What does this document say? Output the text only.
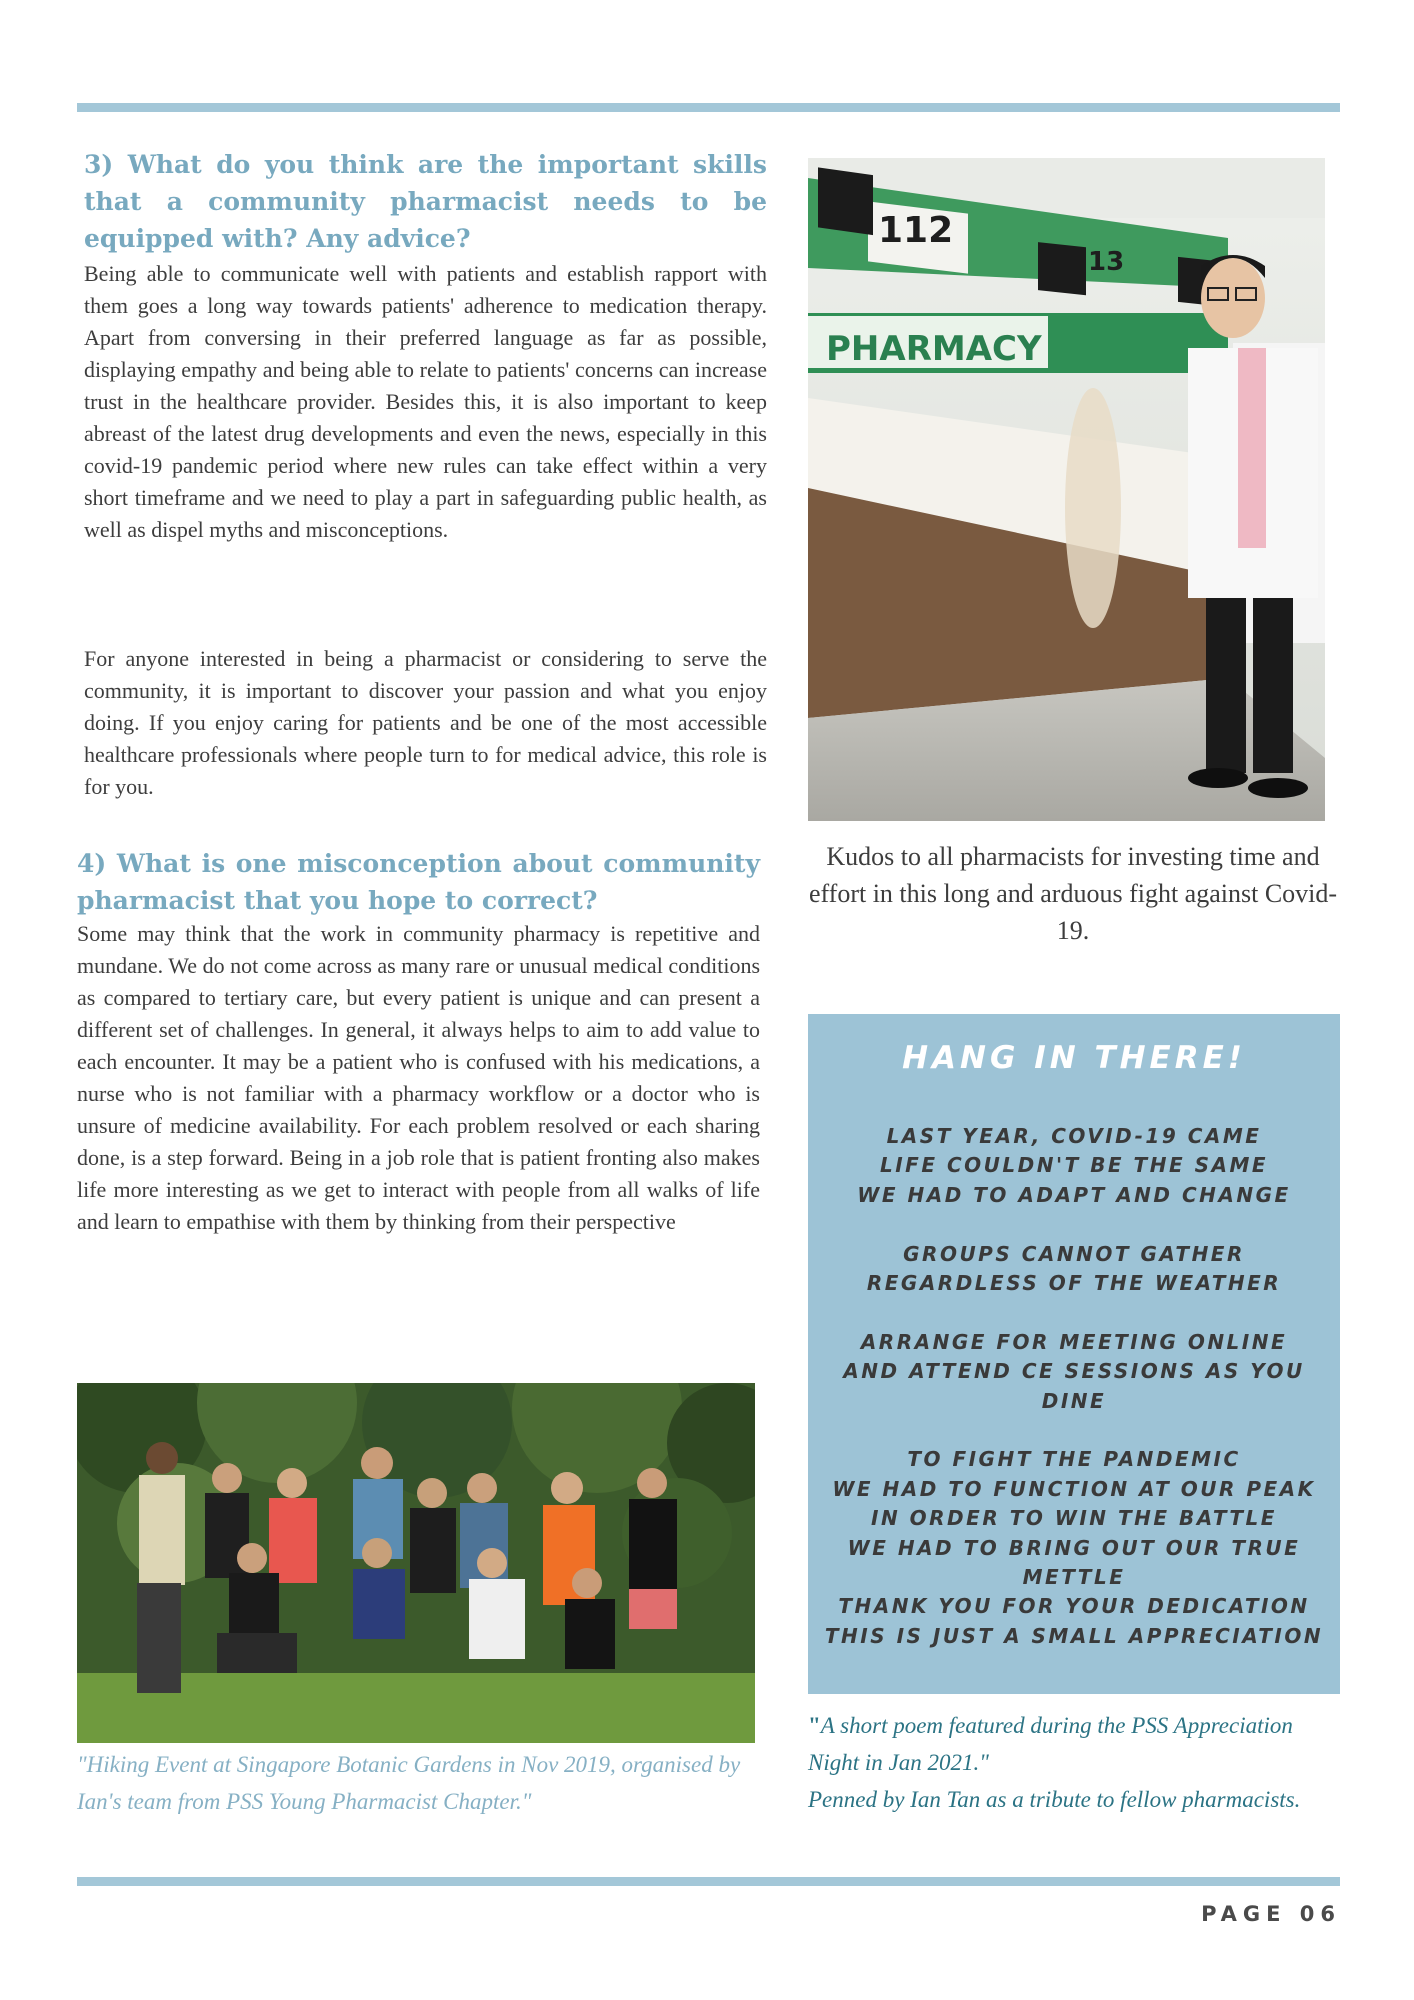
3) What do you think are the important skills that a community pharmacist needs to be equipped with? Any advice?

Being able to communicate well with patients and establish rapport with them goes a long way towards patients' adherence to medication therapy. Apart from conversing in their preferred language as far as possible, displaying empathy and being able to relate to patients' concerns can increase trust in the healthcare provider. Besides this, it is also important to keep abreast of the latest drug developments and even the news, especially in this covid-19 pandemic period where new rules can take effect within a very short timeframe and we need to play a part in safeguarding public health, as well as dispel myths and misconceptions.

For anyone interested in being a pharmacist or considering to serve the community, it is important to discover your passion and what you enjoy doing. If you enjoy caring for patients and be one of the most accessible healthcare professionals where people turn to for medical advice, this role is for you.

4) What is one misconception about community pharmacist that you hope to correct?

Some may think that the work in community pharmacy is repetitive and mundane. We do not come across as many rare or unusual medical conditions as compared to tertiary care, but every patient is unique and can present a different set of challenges. In general, it always helps to aim to add value to each encounter. It may be a patient who is confused with his medications, a nurse who is not familiar with a pharmacy workflow or a doctor who is unsure of medicine availability. For each problem resolved or each sharing done, is a step forward. Being in a job role that is patient fronting also makes life more interesting as we get to interact with people from all walks of life and learn to empathise with them by thinking from their perspective

112
13
PHARMACY

Kudos to all pharmacists for investing time and effort in this long and arduous fight against Covid-19.

"Hiking Event at Singapore Botanic Gardens in Nov 2019, organised by Ian's team from PSS Young Pharmacist Chapter."

HANG IN THERE!
LAST YEAR, COVID-19 CAME
LIFE COULDN'T BE THE SAME
WE HAD TO ADAPT AND CHANGE
GROUPS CANNOT GATHER
REGARDLESS OF THE WEATHER
ARRANGE FOR MEETING ONLINE
AND ATTEND CE SESSIONS AS YOU DINE
TO FIGHT THE PANDEMIC
WE HAD TO FUNCTION AT OUR PEAK
IN ORDER TO WIN THE BATTLE
WE HAD TO BRING OUT OUR TRUE
METTLE
THANK YOU FOR YOUR DEDICATION
THIS IS JUST A SMALL APPRECIATION

"A short poem featured during the PSS Appreciation Night in Jan 2021."
Penned by Ian Tan as a tribute to fellow pharmacists.

PAGE 06
